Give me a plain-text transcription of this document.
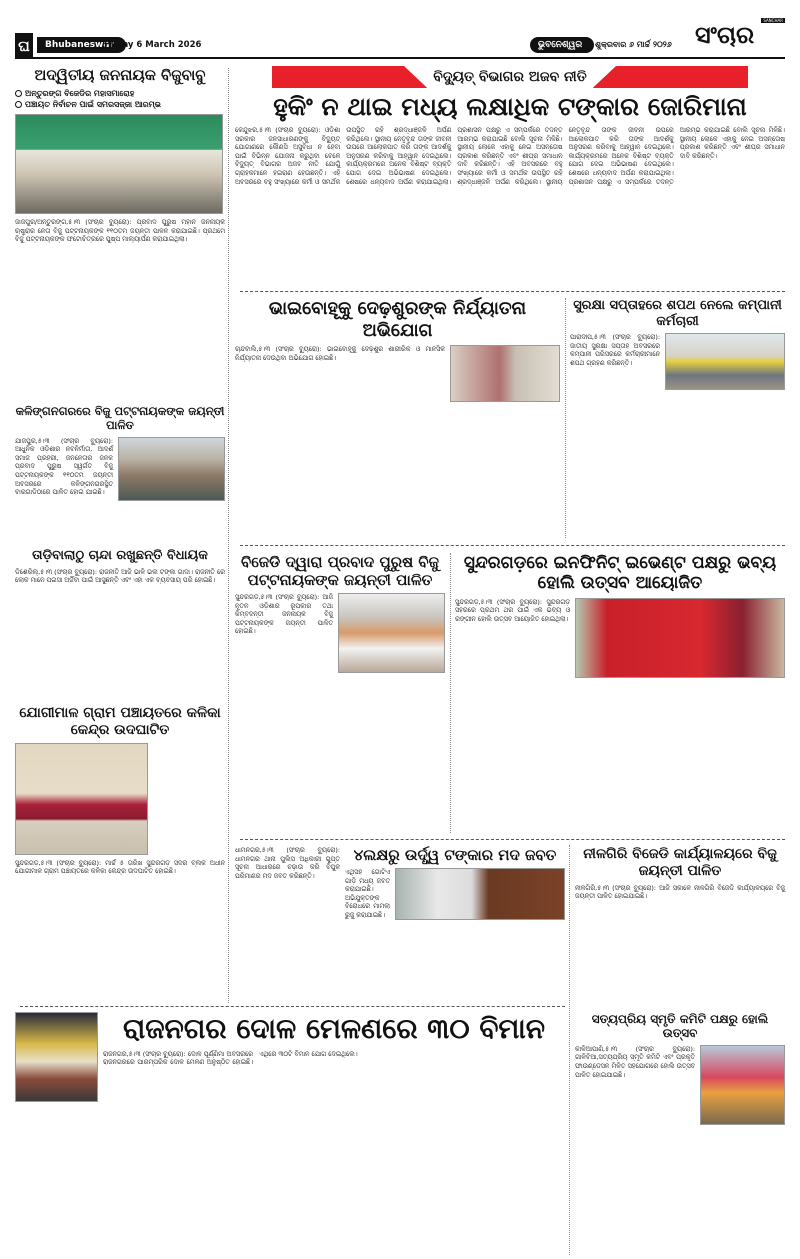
ଘ	Bhubaneswar
Friday 6 March 2026	ଭୁବନେଶ୍ୱର	ଶୁକ୍ରବାର ୬ ମାର୍ଚ୍ଚ ୨୦୨୬ ସଂଚାର
SANCHAR
ଅଦ୍ୱିତୀୟ ଜନନାୟକ ବିଜୁବାବୁ
ଅନ୍ତୁରଙ୍ଗ ବିଜେଡିର ମହାସମାରୋହ
ପଞ୍ଚାୟତ ନିର୍ବାଚନ ପାଇଁ ସମରସଜ୍ଜା ଆରମ୍ଭ
ଜାଜପୁର/ଅନ୍ତୁରଙ୍ଗ,୫।୩ (ସଂଚାର ବ୍ୟୁରୋ): ପ୍ରବାଦ ପୁରୁଷ ମହାନ ଜନନାୟକ ଋଷ୍ଟ୍ରାର ନେତା ବିଜୁ ପଟ୍ଟନାୟକଙ୍କ ୧୧୦ତମ ଜୟନ୍ତୀ ପାଳନ କରାଯାଇଛି। ପ୍ରଥମେ ବିଜୁ ପଟ୍ଟନାୟକଙ୍କ ଫଟୋଚିତ୍ରରେ ପୁଷ୍ପ ମାଲ୍ୟାର୍ପଣ କରାଯାଇଥିଲା।
କଳିଙ୍ଗନଗରରେ ବିଜୁ ପଟ୍ଟନାୟକଙ୍କ ଜୟନ୍ତୀ ପାଳିତ
ଯାଜପୁର,୫।୩ (ସଂଚାର ବ୍ୟୁରୋ): ଆଧୁନିକ ଓଡ଼ିଶାର ନବନିର୍ମାତା, ଆଦର୍ଶ ସମାଜ ପ୍ରହରୀ, ଜନନେତାର ଜନକ ପ୍ରବାଦ ପୁରୁଷ ସ୍ୱର୍ଗତ ବିଜୁ ପଟ୍ଟନାୟକଙ୍କ ୧୧୦ତମ ଜୟନ୍ତୀ ଅବସରରେ କଳିଙ୍ଗନଗରସ୍ଥିତ ବାରଗାଡିଠାରେ ପାଳିତ ହୋଇ ଯାଇଛି।
ତାଡ଼ିବାଲାଠୁ ଚାନ୍ଦା ରଖୁଛନ୍ତି ବିଧାୟକ
ଡିଶେରିଲ୍,୫।୩ (ସଂଚାର ବ୍ୟୁରୋ): ରାଜନୀତି ଆଜି ଭାଳି ଭଲ ଟଙ୍କା ଗାଦା। ରାଜନୀତି ରେ ଲୋକ ମାନେ ପଇସା ଅର୍ଜିବା ପାଇଁ ଆସୁଛନ୍ତି ଏବଂ ଏହା ଏକ ବ୍ୟବସାୟ ପରି ହୋଇଛି।
ଯୋଗୀମାଳ ଗ୍ରାମ ପଞ୍ଚାୟତରେ କଳିକା କେନ୍ଦ୍ର ଉଦଘାଟିତ
ସୁନ୍ଦରଗଡ଼,୫।୩ (ସଂଚାର ବ୍ୟୁରୋ): ମାର୍ଚ୍ଚ ୫ ତାରିଖ ସୁନ୍ଦରଗଡ଼ ସଦର ବ୍ଲକ ଅଧୀନ ଯୋଗୀମାଳ ଗ୍ରାମ ପଞ୍ଚାୟତରେ କଳିକା କେନ୍ଦ୍ର ଉଦଘାଟିତ ହୋଇଛି।
ବିଦ୍ୟୁତ୍ ବିଭାଗର ଅଜବ ନୀତି
ହୁକିଂ ନ ଥାଇ ମଧ୍ୟ ଲକ୍ଷାଧିକ ଟଙ୍କାର ଜୋରିମାନା
କେନ୍ଦୁଝର,୫।୩ (ସଂଚାର ବ୍ୟୁରୋ): ଓଡ଼ିଶା ସରକାର ଜନସାଧାରଣଙ୍କୁ ବିଦ୍ୟୁତ୍ ଯୋଗାଣରେ କୌଣସି ଅସୁବିଧା ନ ହେବା ପାଇଁ ବିଭିନ୍ନ ଯୋଜନା କରୁଥିବା ବେଳେ ବିଦ୍ୟୁତ୍ ବିଭାଗର ଅଜବ ନୀତି ଯୋଗୁଁ ଗ୍ରାହକମାନେ ହଇରାଣ ହେଉଛନ୍ତି। ଏହି ଅବସରରେ ବହୁ ସଂଖ୍ୟାରେ କର୍ମୀ ଓ ସମର୍ଥକ ଉପସ୍ଥିତ ରହି ଶ୍ରଦ୍ଧାଞ୍ଜଳି ଅର୍ପଣ କରିଥିଲେ। ସ୍ଥାନୀୟ ନେତୃବୃନ୍ଦ ତାଙ୍କ ଜୀବନୀ ଉପରେ ଆଲୋକପାତ କରି ତାଙ୍କ ଆଦର୍ଶକୁ ଅନୁସରଣ କରିବାକୁ ଆହ୍ୱାନ ଦେଇଥିଲେ। କାର୍ଯ୍ୟକ୍ରମରେ ଅନେକ ବିଶିଷ୍ଟ ବ୍ୟକ୍ତି ଯୋଗ ଦେଇ ଅଭିଭାଷଣ ଦେଇଥିଲେ। ଶେଷରେ ଧନ୍ୟବାଦ ଅର୍ପଣ କରାଯାଇଥିଲା। ପ୍ରଶାସନ ପକ୍ଷରୁ ଏ ସମ୍ପର୍କରେ ତଦନ୍ତ ଆରମ୍ଭ କରାଯାଇଛି ବୋଲି ସୂଚନା ମିଳିଛି। ସ୍ଥାନୀୟ ଲୋକେ ଏହାକୁ ନେଇ ଅସନ୍ତୋଷ ପ୍ରକାଶ କରିଛନ୍ତି ଏବଂ ଶୀଘ୍ର ସମାଧାନ ଦାବି କରିଛନ୍ତି। ଏହି ଅବସରରେ ବହୁ ସଂଖ୍ୟାରେ କର୍ମୀ ଓ ସମର୍ଥକ ଉପସ୍ଥିତ ରହି ଶ୍ରଦ୍ଧାଞ୍ଜଳି ଅର୍ପଣ କରିଥିଲେ। ସ୍ଥାନୀୟ ନେତୃବୃନ୍ଦ ତାଙ୍କ ଜୀବନୀ ଉପରେ ଆଲୋକପାତ କରି ତାଙ୍କ ଆଦର୍ଶକୁ ଅନୁସରଣ କରିବାକୁ ଆହ୍ୱାନ ଦେଇଥିଲେ। କାର୍ଯ୍ୟକ୍ରମରେ ଅନେକ ବିଶିଷ୍ଟ ବ୍ୟକ୍ତି ଯୋଗ ଦେଇ ଅଭିଭାଷଣ ଦେଇଥିଲେ। ଶେଷରେ ଧନ୍ୟବାଦ ଅର୍ପଣ କରାଯାଇଥିଲା। ପ୍ରଶାସନ ପକ୍ଷରୁ ଏ ସମ୍ପର୍କରେ ତଦନ୍ତ ଆରମ୍ଭ କରାଯାଇଛି ବୋଲି ସୂଚନା ମିଳିଛି। ସ୍ଥାନୀୟ ଲୋକେ ଏହାକୁ ନେଇ ଅସନ୍ତୋଷ ପ୍ରକାଶ କରିଛନ୍ତି ଏବଂ ଶୀଘ୍ର ସମାଧାନ ଦାବି କରିଛନ୍ତି।
ଭାଇବୋହୂକୁ ଦେଢ଼ଶୁରଙ୍କ ନିର୍ଯ୍ୟାତନା ଅଭିଯୋଗ
ଚାନ୍ଦବାଲି,୫।୩ (ସଂଚାର ବ୍ୟୁରୋ): ଭାଇବୋହୂକୁ ଦେଢ଼ଶୁର ଶାରୀରିକ ଓ ମାନସିକ ନିର୍ଯ୍ୟାତନା ଦେଉଥିବା ଅଭିଯୋଗ ହୋଇଛି।
ସୁରକ୍ଷା ସପ୍ତାହରେ ଶପଥ ନେଲେ କମ୍ପାନୀ କର୍ମଚାରୀ
ପାରାଦୀପ,୫।୩ (ସଂଚାର ବ୍ୟୁରୋ): ଜାତୀୟ ସୁରକ୍ଷା ସପ୍ତାହ ଅବସରରେ କମ୍ପାନୀ ପରିସରରେ କର୍ମଚାରୀମାନେ ଶପଥ ଗ୍ରହଣ କରିଛନ୍ତି।
ବିଜେଡି ଦ୍ୱାରା ପ୍ରବାଦ ପୁରୁଷ ବିଜୁ ପଟ୍ଟନାୟକଙ୍କ ଜୟନ୍ତୀ ପାଳିତ
ସୁନ୍ଦରଗଡ଼,୫।୩ (ସଂଚାର ବ୍ୟୁରୋ): ଆଜି ନୂତନ ଓଡ଼ିଶାର ରୂପକାର ତଥା କିମ୍ବଦନ୍ତୀ ଜନନାୟକ ବିଜୁ ପଟ୍ଟନାୟକଙ୍କ ଜୟନ୍ତୀ ପାଳିତ ହୋଇଛି।
ସୁନ୍ଦରଗଡ଼ରେ ଇନଫିନିଟ୍ ଇଭେଣ୍ଟ ପକ୍ଷରୁ ଭବ୍ୟ ହୋଲି ଉତ୍ସବ ଆୟୋଜିତ
ସୁନ୍ଦରଗଡ଼,୫।୩ (ସଂଚାର ବ୍ୟୁରୋ): ସୁନ୍ଦରଗଡ଼ ସହରରେ ପ୍ରଥମ ଥର ପାଇଁ ଏକ ଭବ୍ୟ ଓ ରଙ୍ଗୀନ ହୋଲି ଉତ୍ସବ ଆୟୋଜିତ ହୋଇଥିଲା।
ଧାମନଗର,୫।୩ (ସଂଚାର ବ୍ୟୁରୋ): ଧାମନଗର ଥାନା ପୁଲିସ ଅଧିକାରୀ ଗୁପ୍ତ ସୂଚନା ଆଧାରରେ ଚଢ଼ାଉ କରି ବିପୁଳ ପରିମାଣର ମଦ ଜବତ କରିଛନ୍ତି।
୪ଲକ୍ଷରୁ ଉର୍ଦ୍ଧ୍ୱ ଟଙ୍କାର ମଦ ଜବତ
ଏଥିସହ ଗୋଟିଏ ଗାଡ଼ି ମଧ୍ୟ ଜବତ କରାଯାଇଛି। ଅଭିଯୁକ୍ତଙ୍କ ବିରୋଧରେ ମାମଲା ରୁଜୁ କରାଯାଇଛି।
ନୀଳଗିରି ବିଜେଡି କାର୍ଯ୍ୟାଳୟରେ ବିଜୁ ଜୟନ୍ତୀ ପାଳିତ
ନୀଳଗିରି,୫।୩ (ସଂଚାର ବ୍ୟୁରୋ): ଆଜି ସକାଳେ ନୀଳଗିରି ବିଜେଡି କାର୍ଯ୍ୟାଳୟରେ ବିଜୁ ଜୟନ୍ତୀ ପାଳିତ ହୋଇଯାଇଛି।
ରାଜନଗର ଦୋଳ ମେଳଣରେ ୩୦ ବିମାନ
ରାଜନଗର,୫।୩ (ସଂଚାର ବ୍ୟୁରୋ): ଦୋଳ ପୂର୍ଣ୍ଣିମା ଅବସରରେ ରାଜନଗରରେ ପାରମ୍ପରିକ ଦୋଳ ମେଳଣ ଅନୁଷ୍ଠିତ ହୋଇଛି। ଏଥିରେ ୩୦ଟି ବିମାନ ଯୋଗ ଦେଇଥିଲେ।
ସତ୍ୟପ୍ରିୟ ସ୍ମୃତି କମିଟି ପକ୍ଷରୁ ହୋଲି ଉତ୍ସବ
କାଳିଆପାଣି,୫।୩ (ସଂଚାର ବ୍ୟୁରୋ): ଗାଳିବିଆ,ସତ୍ୟପ୍ରିୟ ସ୍ମୃତି କମିଟି ଏବଂ ପ୍ରକୃତି ଫାଉଣ୍ଡେସନ ମିଳିତ ସହଯୋଗରେ ହୋଲି ଉତ୍ସବ ପାଳିତ ହୋଇଯାଇଛି।
